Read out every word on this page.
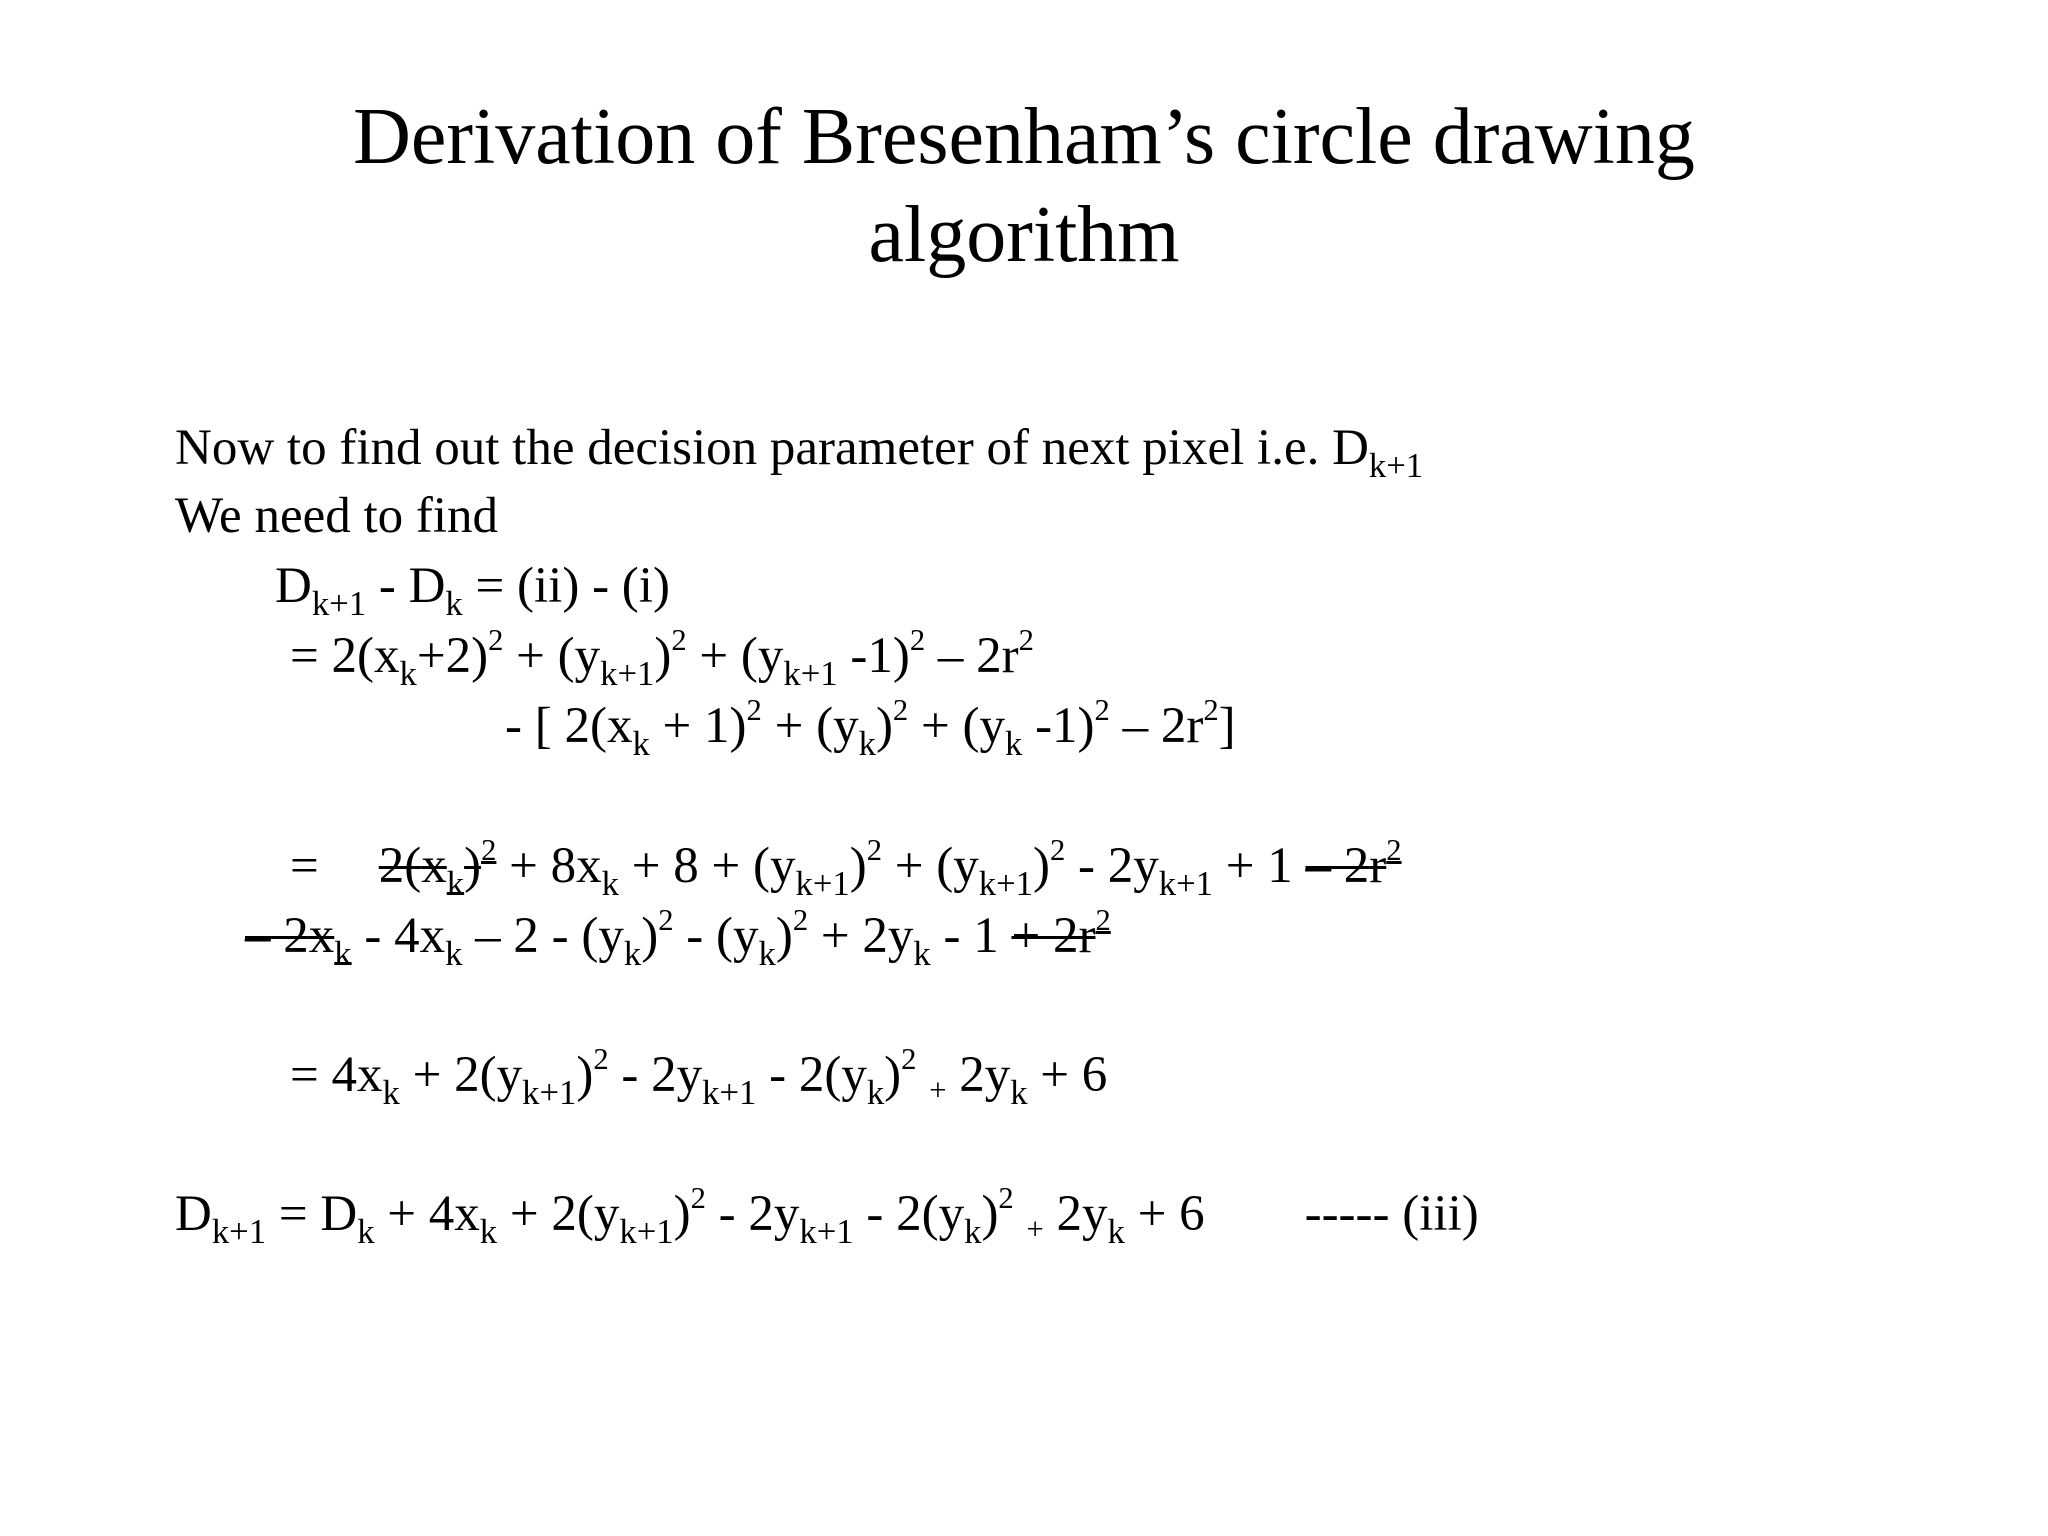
Derivation of Bresenham’s circle drawing
algorithm
Now to find out the decision parameter of next pixel i.e. $D_{k+1}$
We need to find
$D_{k+1} - D_k = (ii) - (i)$
= $2(x_k+2)^2 + (y_{k+1})^2 + (y_{k+1}$ $-1)^2 - 2r^2$
- [ $2(x_k + 1)^2 + (y_k)^2 + (y_k$ $-1)^2 - 2r^2$]
= $2(x_k)^2 + 8x_k + 8 + (y_{k+1})^2 + (y_{k+1})^2 - 2y_{k+1} + 1 - 2r^2$
– $2x_k - 4x_k - 2 - (y_k)^2 - (y_k)^2 + 2y_k - 1 + 2r^2$
= $4x_k + 2(y_{k+1})^2 - 2y_{k+1} - 2(y_k)^2 + 2y_k + 6$
$D_{k+1} = D_k + 4x_k + 2(y_{k+1})^2 - 2y_{k+1} - 2(y_k)^2 + 2y_k + 6$ ----- (iii)
